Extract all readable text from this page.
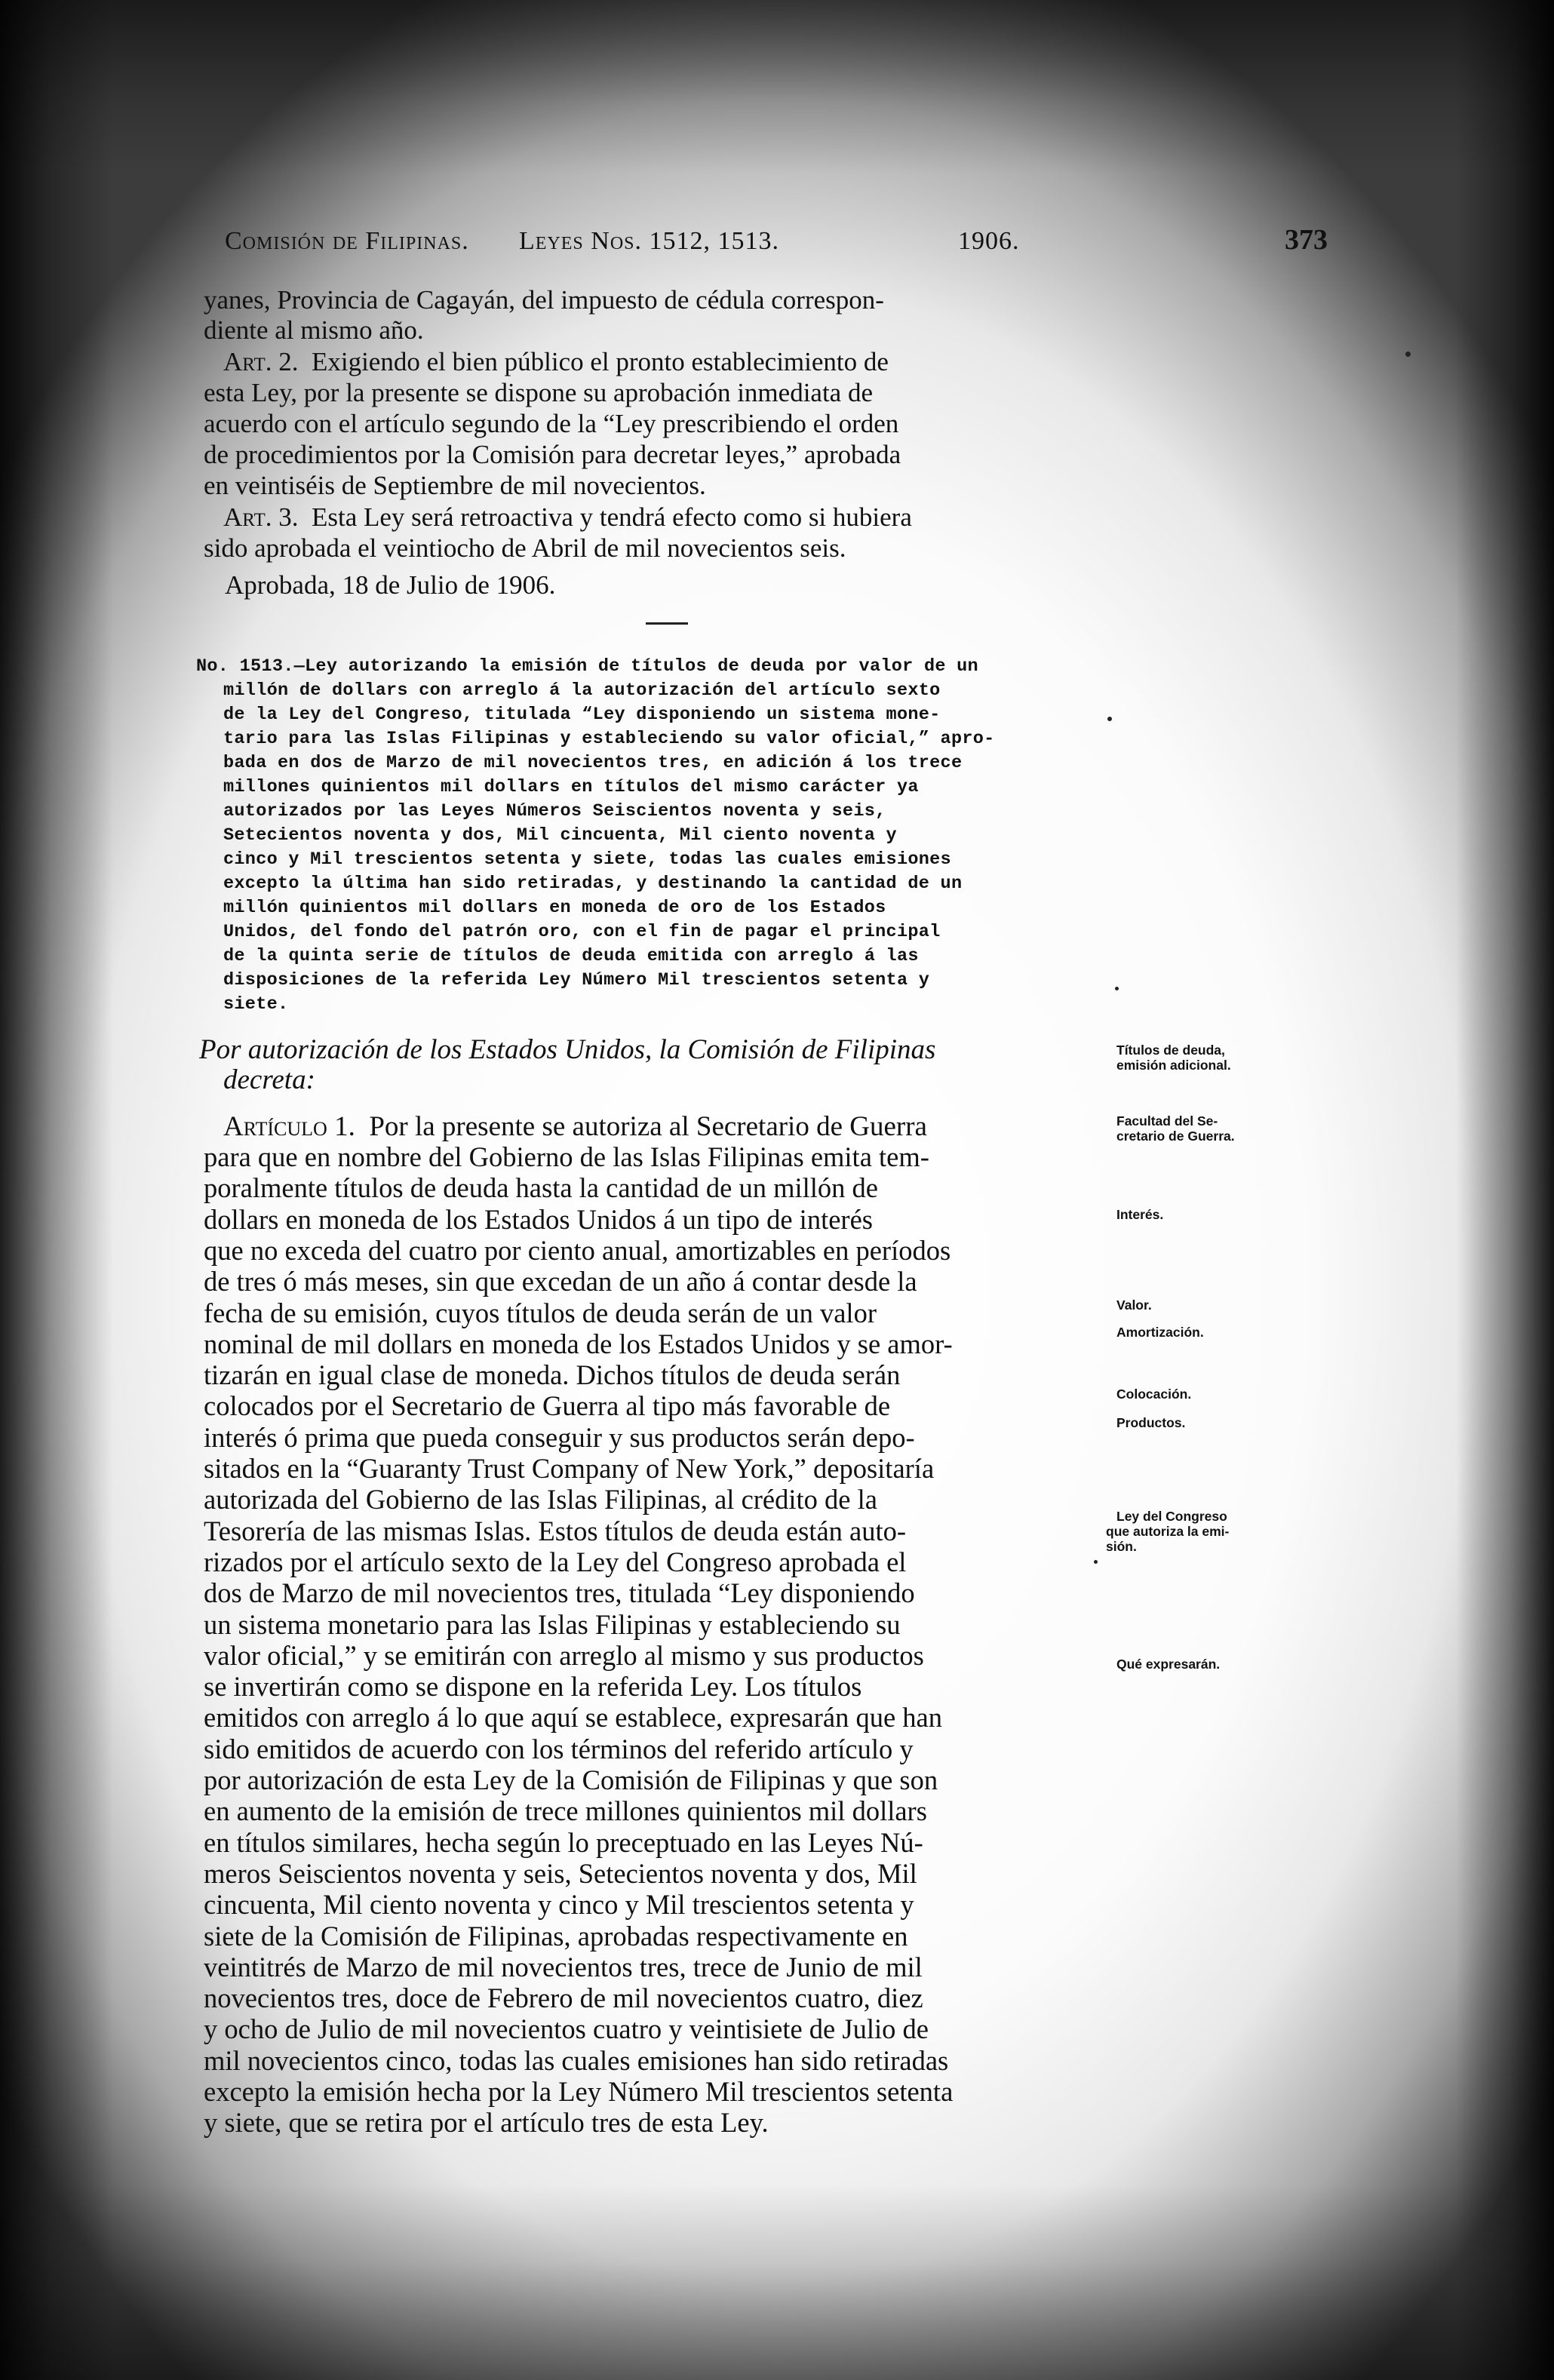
Comisión de Filipinas. Leyes Nos. 1512, 1513.	1906.	373
yanes, Provincia de Cagayán, del impuesto de cédula correspon-
diente al mismo año.
Art. 2. Exigiendo el bien público el pronto establecimiento de
esta Ley, por la presente se dispone su aprobación inmediata de
acuerdo con el artículo segundo de la “Ley prescribiendo el orden
de procedimientos por la Comisión para decretar leyes,” aprobada
en veintiséis de Septiembre de mil novecientos.
Art. 3. Esta Ley será retroactiva y tendrá efecto como si hubiera
sido aprobada el veintiocho de Abril de mil novecientos seis.
Aprobada, 18 de Julio de 1906.
No. 1513.—Ley autorizando la emisión de títulos de deuda por valor de un
millón de dollars con arreglo á la autorización del artículo sexto
de la Ley del Congreso, titulada “Ley disponiendo un sistema mone-
tario para las Islas Filipinas y estableciendo su valor oficial,” apro-
bada en dos de Marzo de mil novecientos tres, en adición á los trece
millones quinientos mil dollars en títulos del mismo carácter ya
autorizados por las Leyes Números Seiscientos noventa y seis,
Setecientos noventa y dos, Mil cincuenta, Mil ciento noventa y
cinco y Mil trescientos setenta y siete, todas las cuales emisiones
excepto la última han sido retiradas, y destinando la cantidad de un
millón quinientos mil dollars en moneda de oro de los Estados
Unidos, del fondo del patrón oro, con el fin de pagar el principal
de la quinta serie de títulos de deuda emitida con arreglo á las
disposiciones de la referida Ley Número Mil trescientos setenta y
siete.
Por autorización de los Estados Unidos, la Comisión de Filipinas
decreta:
Artículo 1. Por la presente se autoriza al Secretario de Guerra
para que en nombre del Gobierno de las Islas Filipinas emita tem-
poralmente títulos de deuda hasta la cantidad de un millón de
dollars en moneda de los Estados Unidos á un tipo de interés
que no exceda del cuatro por ciento anual, amortizables en períodos
de tres ó más meses, sin que excedan de un año á contar desde la
fecha de su emisión, cuyos títulos de deuda serán de un valor
nominal de mil dollars en moneda de los Estados Unidos y se amor-
tizarán en igual clase de moneda. Dichos títulos de deuda serán
colocados por el Secretario de Guerra al tipo más favorable de
interés ó prima que pueda conseguir y sus productos serán depo-
sitados en la “Guaranty Trust Company of New York,” depositaría
autorizada del Gobierno de las Islas Filipinas, al crédito de la
Tesorería de las mismas Islas. Estos títulos de deuda están auto-
rizados por el artículo sexto de la Ley del Congreso aprobada el
dos de Marzo de mil novecientos tres, titulada “Ley disponiendo
un sistema monetario para las Islas Filipinas y estableciendo su
valor oficial,” y se emitirán con arreglo al mismo y sus productos
se invertirán como se dispone en la referida Ley. Los títulos
emitidos con arreglo á lo que aquí se establece, expresarán que han
sido emitidos de acuerdo con los términos del referido artículo y
por autorización de esta Ley de la Comisión de Filipinas y que son
en aumento de la emisión de trece millones quinientos mil dollars
en títulos similares, hecha según lo preceptuado en las Leyes Nú-
meros Seiscientos noventa y seis, Setecientos noventa y dos, Mil
cincuenta, Mil ciento noventa y cinco y Mil trescientos setenta y
siete de la Comisión de Filipinas, aprobadas respectivamente en
veintitrés de Marzo de mil novecientos tres, trece de Junio de mil
novecientos tres, doce de Febrero de mil novecientos cuatro, diez
y ocho de Julio de mil novecientos cuatro y veintisiete de Julio de
mil novecientos cinco, todas las cuales emisiones han sido retiradas
excepto la emisión hecha por la Ley Número Mil trescientos setenta
y siete, que se retira por el artículo tres de esta Ley.
Títulos de deuda,
emisión adicional.
Facultad del Se-
cretario de Guerra.
Interés.
Valor.
Amortización.
Colocación.
Productos.
Ley del Congreso
que autoriza la emi-
sión.
Qué expresarán.
